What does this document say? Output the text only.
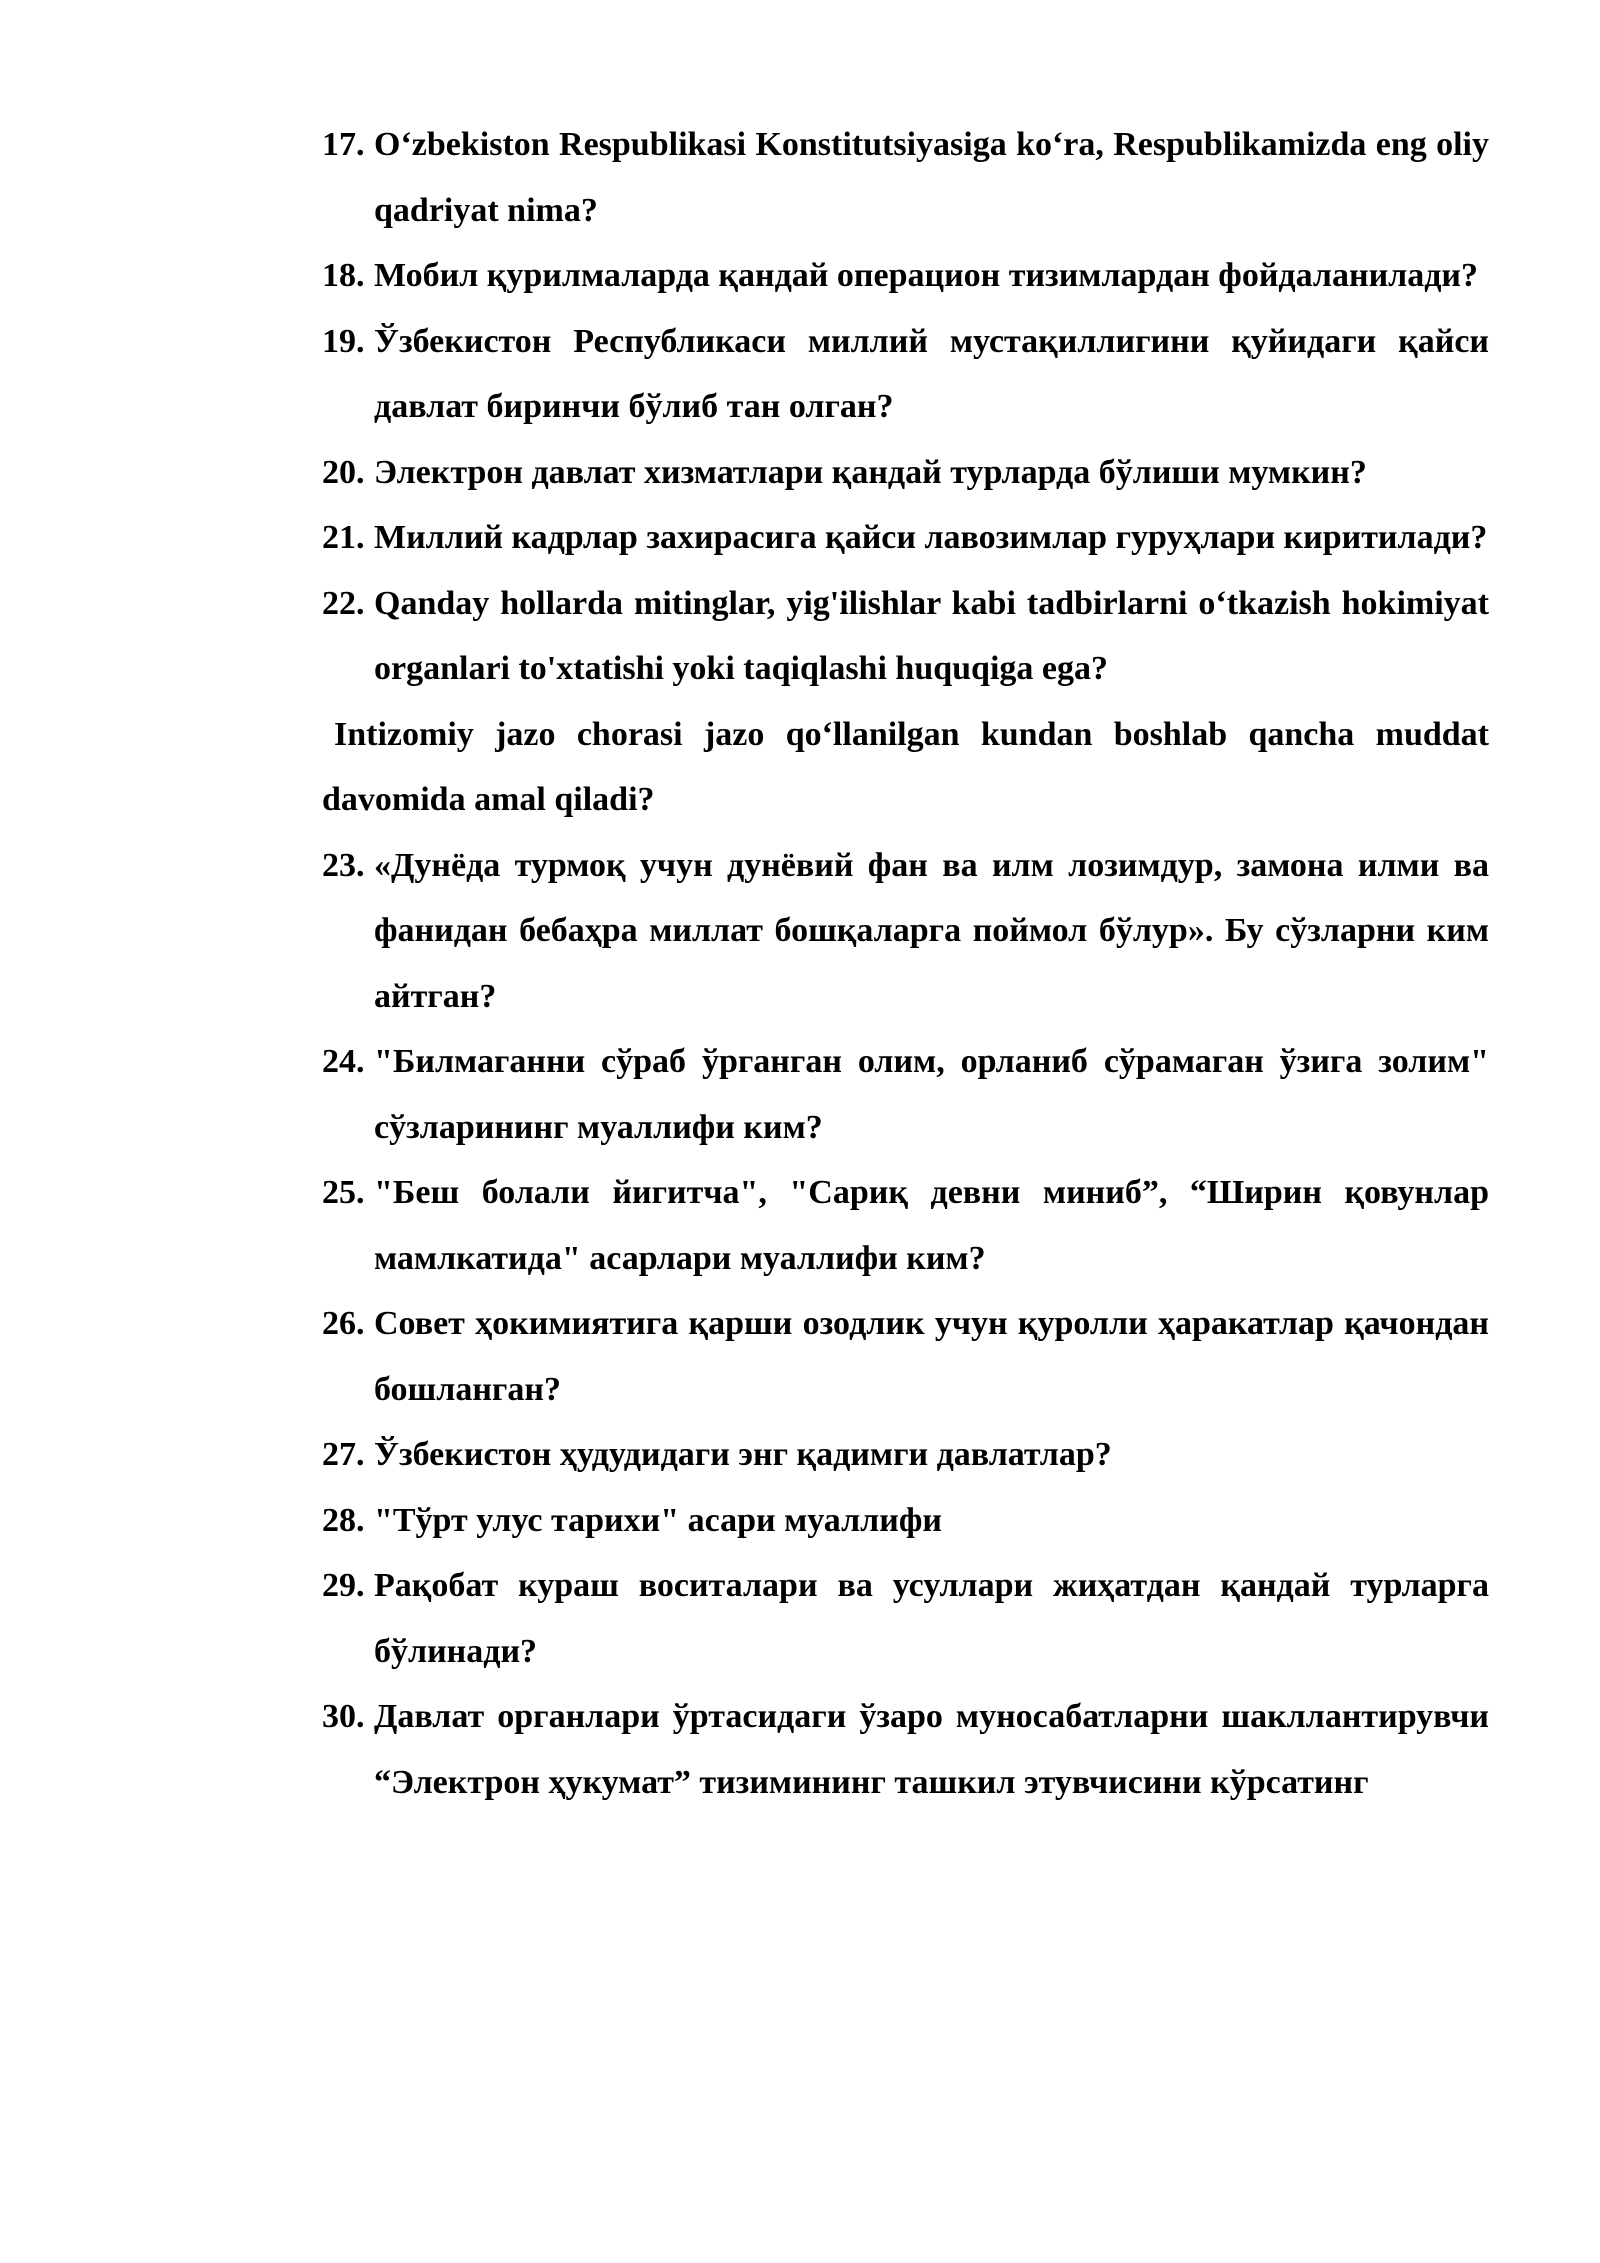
17. O‘zbekiston Respublikasi Konstitutsiyasiga ko‘ra, Respublikamizda eng oliy qadriyat nima?
18. Мобил қурилмаларда қандай операцион тизимлардан фойдаланилади?
19. Ўзбекистон Республикаси миллий мустақиллигини қуйидаги қайси давлат биринчи бўлиб тан олган?
20. Электрон давлат хизматлари қандай турларда бўлиши мумкин?
21. Миллий кадрлар захирасига қайси лавозимлар гуруҳлари киритилади?
22. Qanday hollarda mitinglar, yig'ilishlar kabi tadbirlarni o‘tkazish hokimiyat organlari to'xtatishi yoki taqiqlashi huquqiga ega?
Intizomiy jazo chorasi jazo qo‘llanilgan kundan boshlab qancha muddat davomida amal qiladi?
23. «Дунёда турмоқ учун дунёвий фан ва илм лозимдур, замона илми ва фанидан бебаҳра миллат бошқаларга поймол бўлур». Бу сўзларни ким айтган?
24. "Билмаганни сўраб ўрганган олим, орланиб сўрамаган ўзига золим" сўзларининг муаллифи ким?
25. "Беш болали йигитча", "Сариқ девни миниб”, “Ширин қовунлар мамлкатида" асарлари муаллифи ким?
26. Совет ҳокимиятига қарши озодлик учун қуролли ҳаракатлар қачондан бошланган?
27. Ўзбекистон ҳудудидаги энг қадимги давлатлар?
28. "Тўрт улус тарихи" асари муаллифи
29. Рақобат кураш воситалари ва усуллари жиҳатдан қандай турларга бўлинади?
30. Давлат органлари ўртасидаги ўзаро муносабатларни шакллантирувчи “Электрон ҳукумат” тизимининг ташкил этувчисини кўрсатинг
